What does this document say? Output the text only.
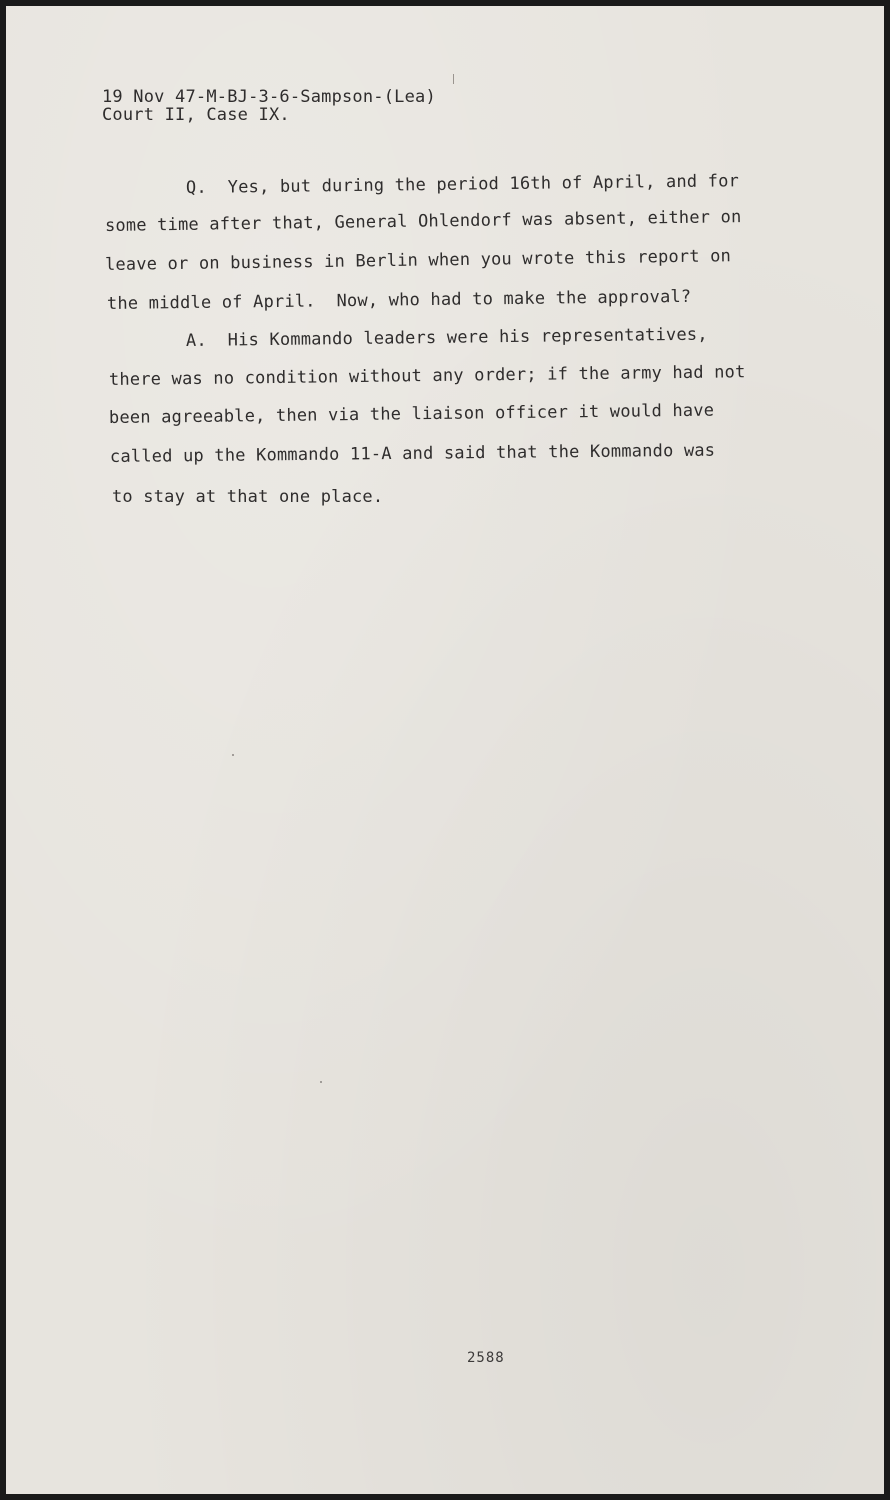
19 Nov 47-M-BJ-3-6-Sampson-(Lea)
Court II, Case IX.
Q.  Yes, but during the period 16th of April, and for
some time after that, General Ohlendorf was absent, either on
leave or on business in Berlin when you wrote this report on
the middle of April.  Now, who had to make the approval?
A.  His Kommando leaders were his representatives,
there was no condition without any order; if the army had not
been agreeable, then via the liaison officer it would have
called up the Kommando 11-A and said that the Kommando was
to stay at that one place.
2588
